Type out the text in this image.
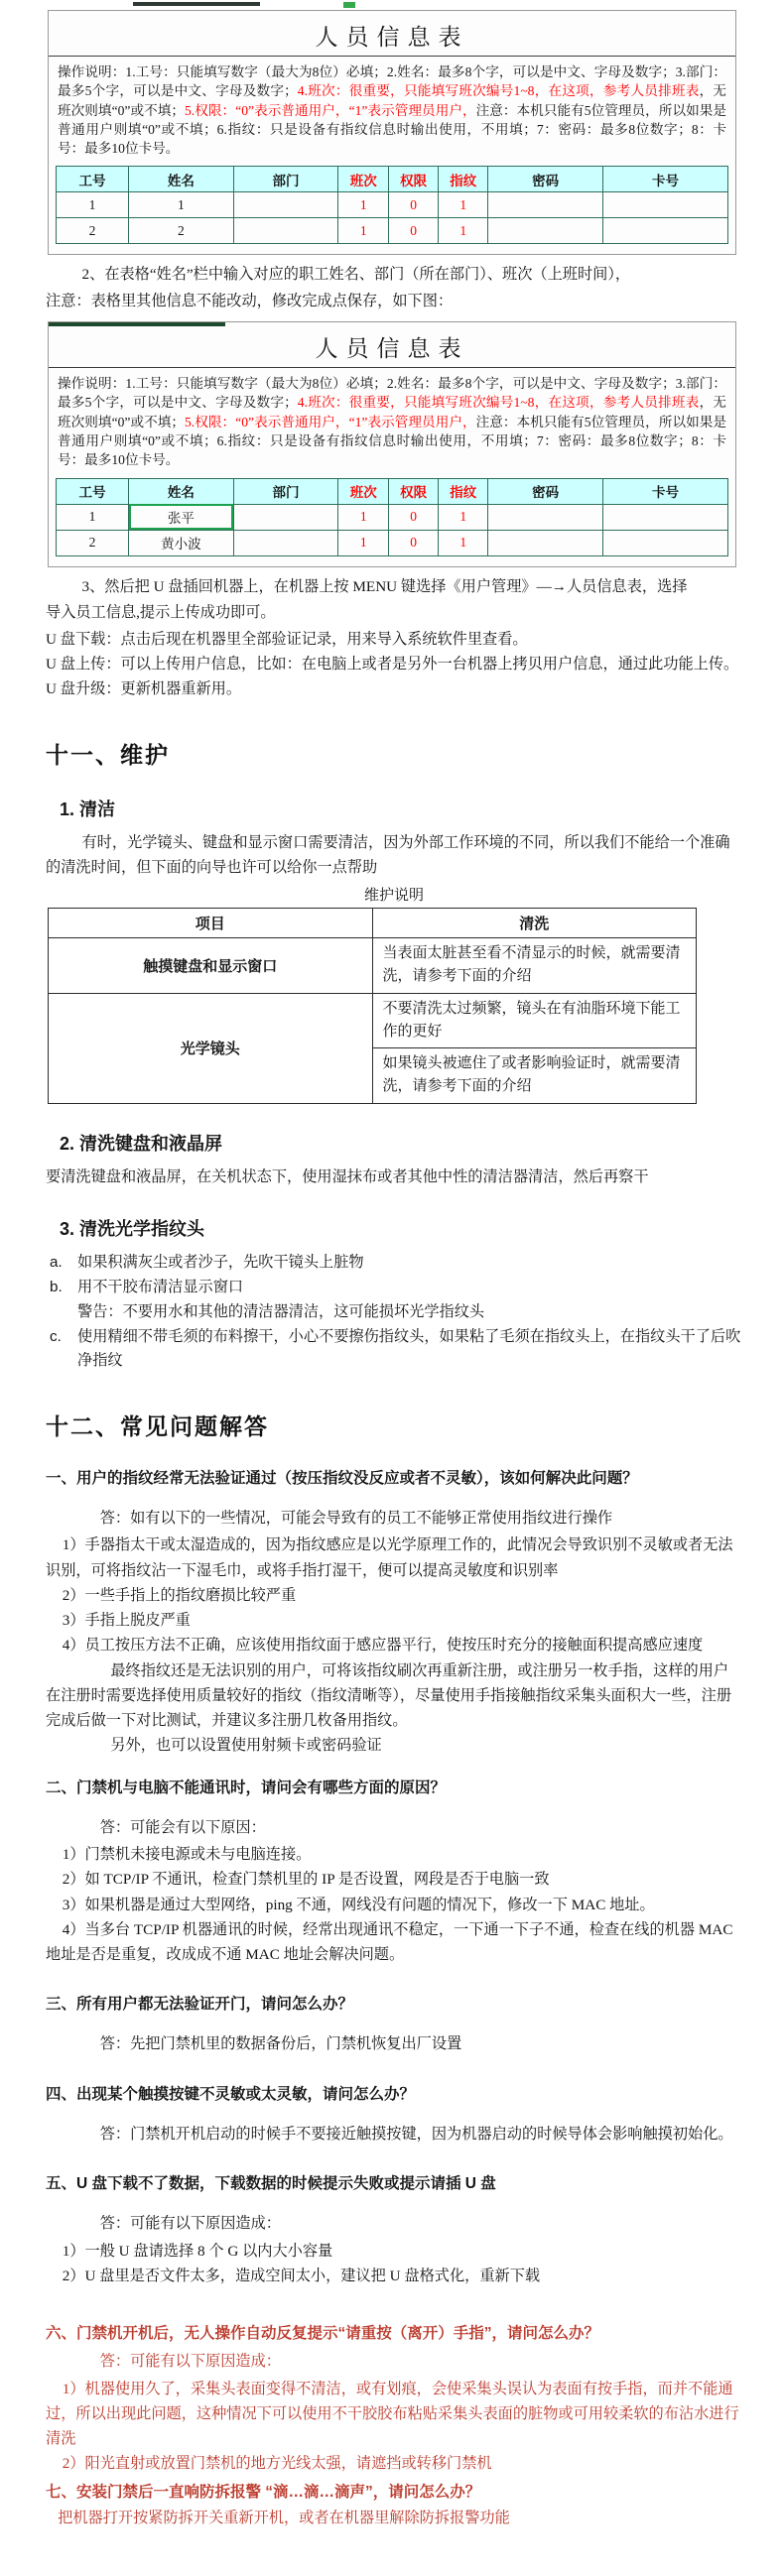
人员信息表
操作说明：1.工号：只能填写数字（最大为8位）必填；2.姓名：最多8个字，可以是中文、字母及数字；3.部门：最多5个字，可以是中文、字母及数字；4.班次：很重要，只能填写班次编号1~8，在这项，参考人员排班表，无班次则填“0”或不填；5.权限：“0”表示普通用户，“1”表示管理员用户，注意：本机只能有5位管理员，所以如果是普通用户则填“0”或不填；6.指纹：只是设备有指纹信息时输出使用，不用填；7：密码：最多8位数字；8：卡号：最多10位卡号。
工号	姓名	部门	班次	权限	指纹	密码	卡号
1	1		1	0	1		
2	2		1	0	1		

2、在表格“姓名”栏中输入对应的职工姓名、部门（所在部门）、班次（上班时间），

注意：表格里其他信息不能改动，修改完成点保存，如下图：

人员信息表
操作说明：1.工号：只能填写数字（最大为8位）必填；2.姓名：最多8个字，可以是中文、字母及数字；3.部门：最多5个字，可以是中文、字母及数字；4.班次：很重要，只能填写班次编号1~8，在这项，参考人员排班表，无班次则填“0”或不填；5.权限：“0”表示普通用户，“1”表示管理员用户，注意：本机只能有5位管理员，所以如果是普通用户则填“0”或不填；6.指纹：只是设备有指纹信息时输出使用，不用填；7：密码：最多8位数字；8：卡号：最多10位卡号。
工号	姓名	部门	班次	权限	指纹	密码	卡号
1	张平		1	0	1		
2	黄小波		1	0	1		

3、然后把 U 盘插回机器上，在机器上按 MENU 键选择《用户管理》—→人员信息表，选择

导入员工信息,提示上传成功即可。

U 盘下载：点击后现在机器里全部验证记录，用来导入系统软件里查看。

U 盘上传：可以上传用户信息，比如：在电脑上或者是另外一台机器上拷贝用户信息，通过此功能上传。

U 盘升级：更新机器重新用。

十一、维护
1. 清洁

有时，光学镜头、键盘和显示窗口需要清洁，因为外部工作环境的不同，所以我们不能给一个准确的清洗时间，但下面的向导也许可以给你一点帮助

维护说明
项目	清洗
触摸键盘和显示窗口	当表面太脏甚至看不清显示的时候，就需要清洗，请参考下面的介绍
光学镜头	不要清洗太过频繁，镜头在有油脂环境下能工作的更好
	如果镜头被遮住了或者影响验证时，就需要清洗，请参考下面的介绍
2. 清洗键盘和液晶屏

要清洗键盘和液晶屏，在关机状态下，使用湿抹布或者其他中性的清洁器清洁，然后再察干

3. 清洗光学指纹头
a.	如果积满灰尘或者沙子，先吹干镜头上脏物
b.	用不干胶布清洁显示窗口
警告：不要用水和其他的清洁器清洁，这可能损坏光学指纹头
c.	使用精细不带毛须的布料擦干，小心不要擦伤指纹头，如果粘了毛须在指纹头上，在指纹头干了后吹净指纹
十二、常见问题解答

一、用户的指纹经常无法验证通过（按压指纹没反应或者不灵敏），该如何解决此问题？

答：如有以下的一些情况，可能会导致有的员工不能够正常使用指纹进行操作

1）手器指太干或太湿造成的，因为指纹感应是以光学原理工作的，此情况会导致识别不灵敏或者无法识别，可将指纹沾一下湿毛巾，或将手指打湿干，便可以提高灵敏度和识别率

2）一些手指上的指纹磨损比较严重

3）手指上脱皮严重

4）员工按压方法不正确，应该使用指纹面于感应器平行，使按压时充分的接触面积提高感应速度

最终指纹还是无法识别的用户，可将该指纹刷次再重新注册，或注册另一枚手指，这样的用户在注册时需要选择使用质量较好的指纹（指纹清晰等），尽量使用手指接触指纹采集头面积大一些，注册完成后做一下对比测试，并建议多注册几枚备用指纹。

另外，也可以设置使用射频卡或密码验证

二、门禁机与电脑不能通讯时，请问会有哪些方面的原因？

答：可能会有以下原因：

1）门禁机未接电源或未与电脑连接。

2）如 TCP/IP 不通讯，检查门禁机里的 IP 是否设置，网段是否于电脑一致

3）如果机器是通过大型网络，ping 不通，网线没有问题的情况下，修改一下 MAC 地址。

4）当多台 TCP/IP 机器通讯的时候，经常出现通讯不稳定，一下通一下子不通，检查在线的机器 MAC 地址是否是重复，改成成不通 MAC 地址会解决问题。

三、所有用户都无法验证开门，请问怎么办？

答：先把门禁机里的数据备份后，门禁机恢复出厂设置

四、出现某个触摸按键不灵敏或太灵敏，请问怎么办？

答：门禁机开机启动的时候手不要接近触摸按键，因为机器启动的时候导体会影响触摸初始化。

五、U 盘下载不了数据，下载数据的时候提示失败或提示请插 U 盘

答：可能有以下原因造成：

1）一般 U 盘请选择 8 个 G 以内大小容量

2）U 盘里是否文件太多，造成空间太小，建议把 U 盘格式化，重新下载

六、门禁机开机后，无人操作自动反复提示“请重按（离开）手指”，请问怎么办？

答：可能有以下原因造成：

1）机器使用久了，采集头表面变得不清洁，或有划痕，会使采集头误认为表面有按手指，而并不能通过，所以出现此问题，这种情况下可以使用不干胶胶布粘贴采集头表面的脏物或可用较柔软的布沾水进行清洗

2）阳光直射或放置门禁机的地方光线太强，请遮挡或转移门禁机

七、安装门禁后一直响防拆报警 “滴…滴…滴声”，请问怎么办？

把机器打开按紧防拆开关重新开机，或者在机器里解除防拆报警功能
